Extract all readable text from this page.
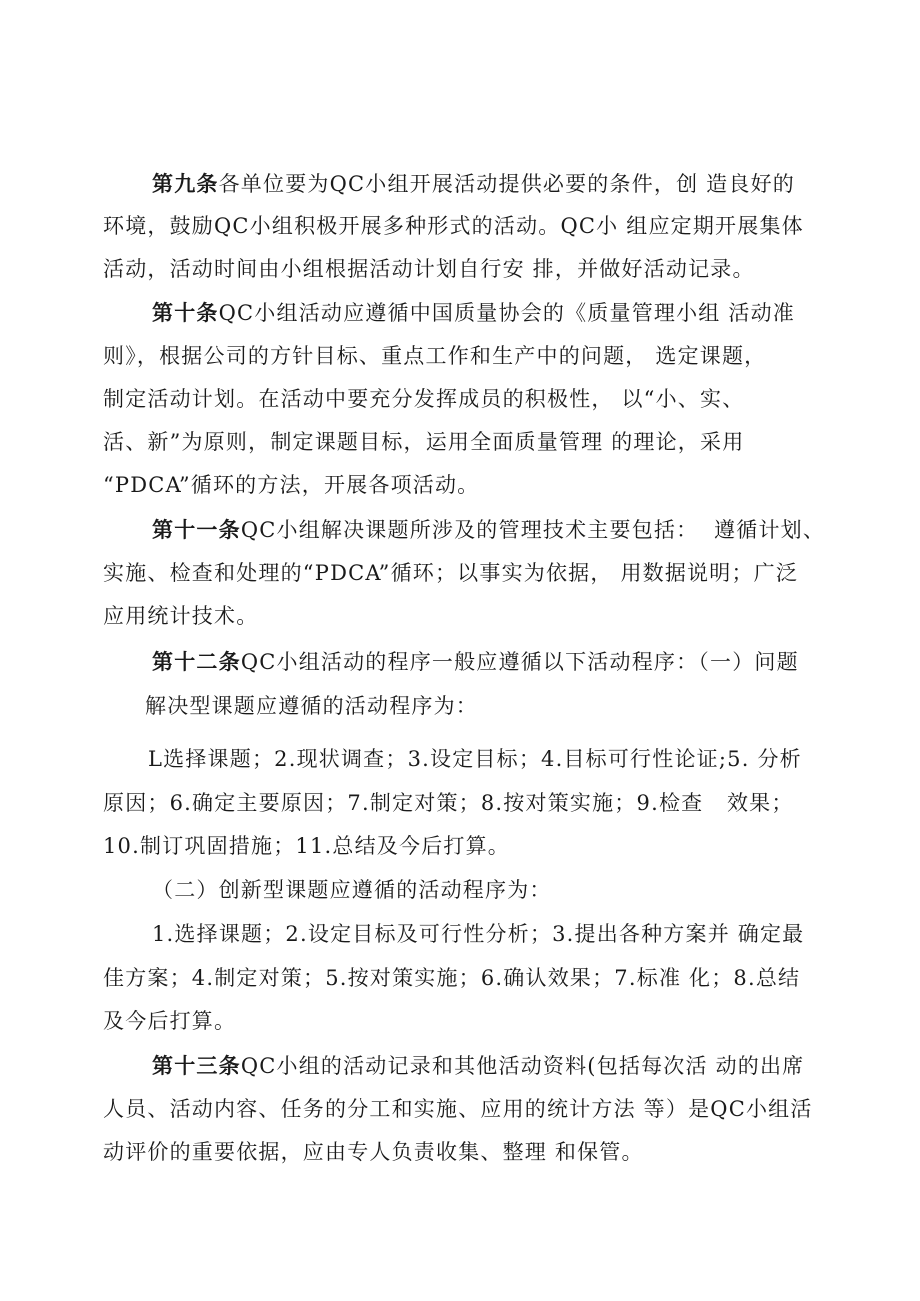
第九条各单位要为QC小组开展活动提供必要的条件，创 造良好的
环境，鼓励QC小组积极开展多种形式的活动。QC小 组应定期开展集体
活动，活动时间由小组根据活动计划自行安 排，并做好活动记录。
第十条QC小组活动应遵循中国质量协会的《质量管理小组 活动准
则》，根据公司的方针目标、重点工作和生产中的问题， 选定课题，
制定活动计划。在活动中要充分发挥成员的积极性， 以“小、实、
活、新”为原则，制定课题目标，运用全面质量管理 的理论，采用
“PDCA”循环的方法，开展各项活动。
第十一条QC小组解决课题所涉及的管理技术主要包括：  遵循计划、
实施、检查和处理的“PDCA”循环；以事实为依据， 用数据说明；广泛
应用统计技术。
第十二条QC小组活动的程序一般应遵循以下活动程序：（一）问题
解决型课题应遵循的活动程序为：
L选择课题；2.现状调查；3.设定目标；4.目标可行性论证;5. 分析
原因；6.确定主要原因；7.制定对策；8.按对策实施；9.检查   效果；
10.制订巩固措施；11.总结及今后打算。
（二）创新型课题应遵循的活动程序为：
1.选择课题；2.设定目标及可行性分析；3.提出各种方案并 确定最
佳方案；4.制定对策；5.按对策实施；6.确认效果；7.标准 化；8.总结
及今后打算。
第十三条QC小组的活动记录和其他活动资料(包括每次活 动的出席
人员、活动内容、任务的分工和实施、应用的统计方法 等）是QC小组活
动评价的重要依据，应由专人负责收集、整理 和保管。
